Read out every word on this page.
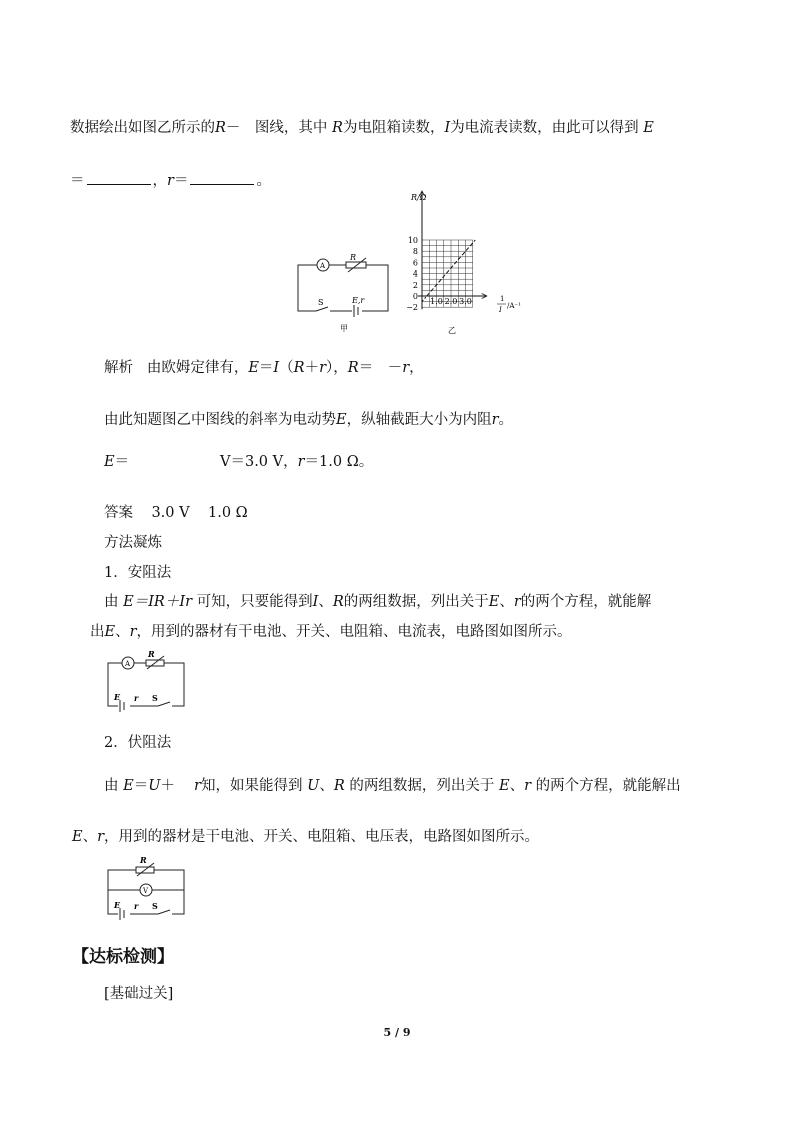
数据绘出如图乙所示的R－　图线，其中 R为电阻箱读数，I为电流表读数，由此可以得到 E
＝	，r＝	。
A
R
S	E,r
甲
10
8
6
4
2
0
−2
1.0 2.0 3.0
R/Ω
1
I /A⁻¹
乙
解析 由欧姆定律有，E＝I（R＋r），R＝　－r，
由此知题图乙中图线的斜率为电动势E，纵轴截距大小为内阻r。
E＝	V＝3.0 V，r＝1.0 Ω。
答案 3.0 V 1.0 Ω
方法凝炼
1．安阻法
由 E＝IR＋Ir 可知，只要能得到I、R的两组数据，列出关于E、r的两个方程，就能解
出E、r，用到的器材有干电池、开关、电阻箱、电流表，电路图如图所示。
A
R
E r S
2．伏阻法
由 E＝U＋　 r知，如果能得到 U、R 的两组数据，列出关于 E、r 的两个方程，就能解出
E、r，用到的器材是干电池、开关、电阻箱、电压表，电路图如图所示。
R
V
E r S
【达标检测】
[基础过关]
5 / 9
